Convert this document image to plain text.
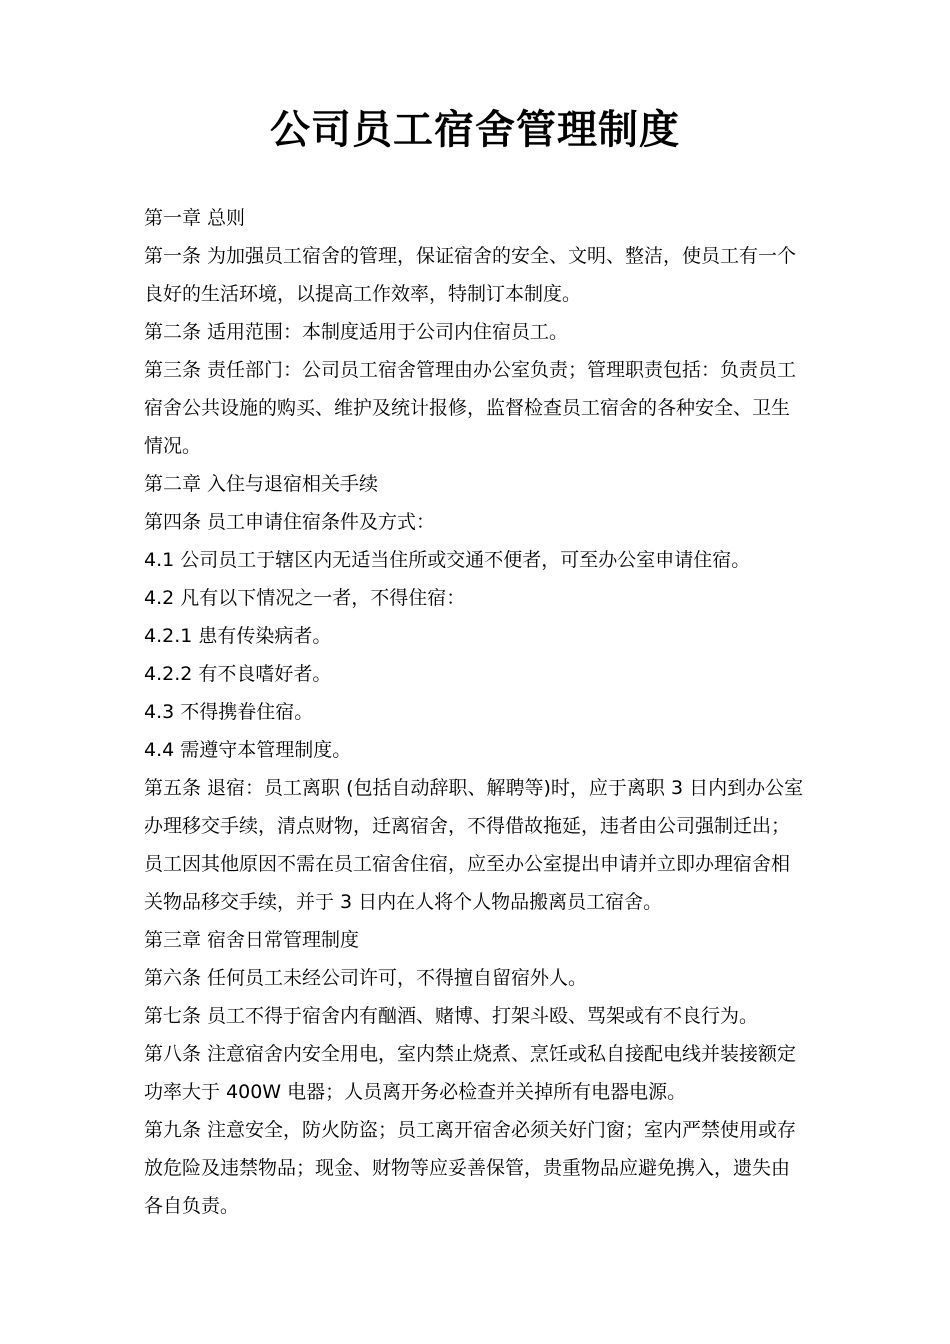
公司员工宿舍管理制度

第一章 总则

第一条 为加强员工宿舍的管理，保证宿舍的安全、文明、整洁，使员工有一个

良好的生活环境，以提高工作效率，特制订本制度。

第二条 适用范围：本制度适用于公司内住宿员工。

第三条 责任部门：公司员工宿舍管理由办公室负责；管理职责包括：负责员工

宿舍公共设施的购买、维护及统计报修，监督检查员工宿舍的各种安全、卫生

情况。

第二章 入住与退宿相关手续

第四条 员工申请住宿条件及方式：

4.1 公司员工于辖区内无适当住所或交通不便者，可至办公室申请住宿。

4.2 凡有以下情况之一者，不得住宿：

4.2.1 患有传染病者。

4.2.2 有不良嗜好者。

4.3 不得携眷住宿。

4.4 需遵守本管理制度。

第五条 退宿：员工离职 (包括自动辞职、解聘等)时，应于离职 3 日内到办公室

办理移交手续，清点财物，迁离宿舍，不得借故拖延，违者由公司强制迁出；

员工因其他原因不需在员工宿舍住宿，应至办公室提出申请并立即办理宿舍相

关物品移交手续，并于 3 日内在人将个人物品搬离员工宿舍。

第三章 宿舍日常管理制度

第六条 任何员工未经公司许可，不得擅自留宿外人。

第七条 员工不得于宿舍内有酗酒、赌博、打架斗殴、骂架或有不良行为。

第八条 注意宿舍内安全用电，室内禁止烧煮、烹饪或私自接配电线并装接额定

功率大于 400W 电器；人员离开务必检查并关掉所有电器电源。

第九条 注意安全，防火防盗；员工离开宿舍必须关好门窗；室内严禁使用或存

放危险及违禁物品；现金、财物等应妥善保管，贵重物品应避免携入，遗失由

各自负责。
